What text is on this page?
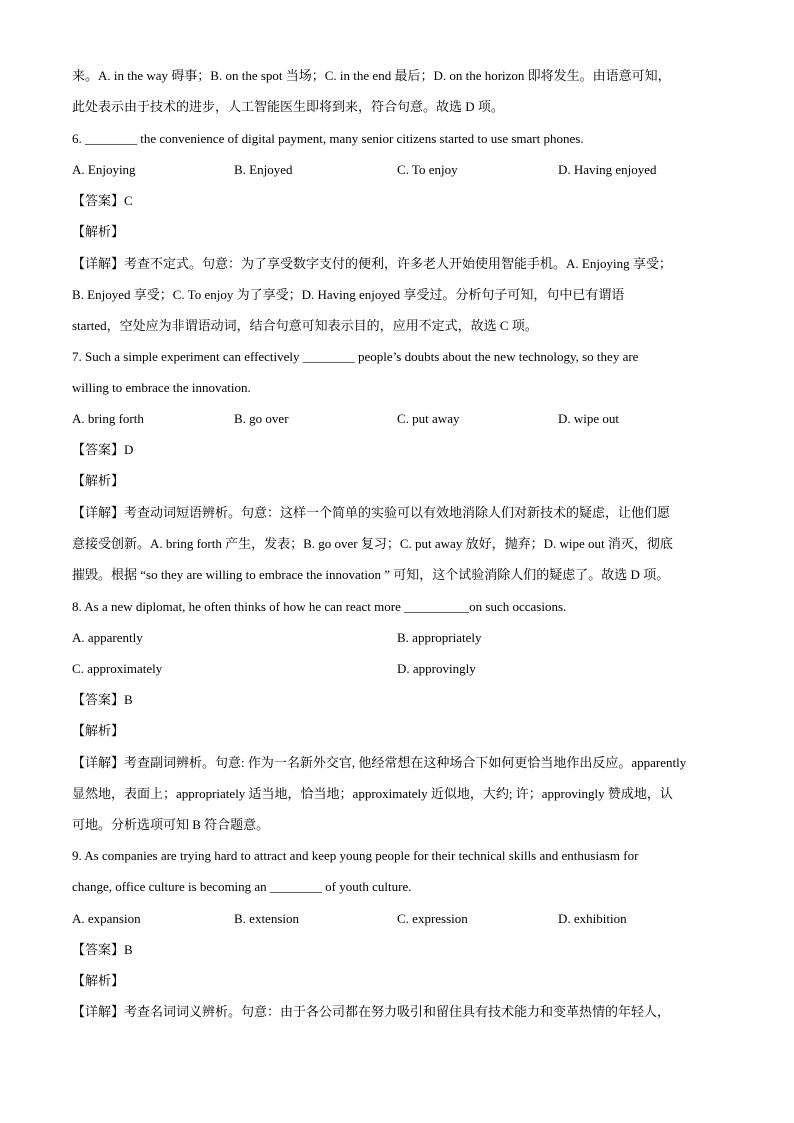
来。A. in the way 碍事；B. on the spot 当场；C. in the end 最后；D. on the horizon 即将发生。由语意可知，
此处表示由于技术的进步，人工智能医生即将到来，符合句意。故选 D 项。
6. ________ the convenience of digital payment, many senior citizens started to use smart phones.
A. Enjoying	B. Enjoyed	C. To enjoy	D. Having enjoyed
【答案】C
【解析】
【详解】考查不定式。句意：为了享受数字支付的便利，许多老人开始使用智能手机。A. Enjoying 享受；
B. Enjoyed 享受；C. To enjoy 为了享受；D. Having enjoyed 享受过。分析句子可知，句中已有谓语
started，空处应为非谓语动词，结合句意可知表示目的，应用不定式，故选 C 项。
7. Such a simple experiment can effectively ________ people’s doubts about the new technology, so they are
willing to embrace the innovation.
A. bring forth	B. go over	C. put away	D. wipe out
【答案】D
【解析】
【详解】考查动词短语辨析。句意：这样一个简单的实验可以有效地消除人们对新技术的疑虑，让他们愿
意接受创新。A. bring forth 产生，发表；B. go over 复习；C. put away 放好，抛弃；D. wipe out 消灭，彻底
摧毁。根据 “so they are willing to embrace the innovation ” 可知，这个试验消除人们的疑虑了。故选 D 项。
8. As a new diplomat, he often thinks of how he can react more __________on such occasions.
A. apparently	B. appropriately
C. approximately	D. approvingly
【答案】B
【解析】
【详解】考查副词辨析。句意: 作为一名新外交官, 他经常想在这种场合下如何更恰当地作出反应。apparently
显然地，表面上；appropriately 适当地，恰当地；approximately 近似地，大约; 许；approvingly 赞成地，认
可地。分析选项可知 B 符合题意。
9. As companies are trying hard to attract and keep young people for their technical skills and enthusiasm for
change, office culture is becoming an ________ of youth culture.
A. expansion	B. extension	C. expression	D. exhibition
【答案】B
【解析】
【详解】考查名词词义辨析。句意：由于各公司都在努力吸引和留住具有技术能力和变革热情的年轻人，
